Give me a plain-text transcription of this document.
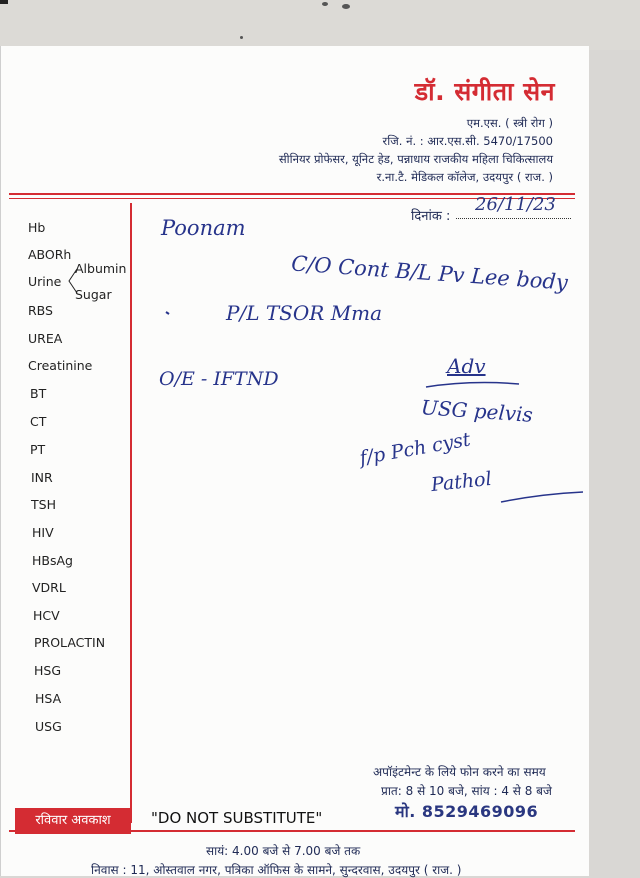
डॉ. संगीता सेन
एम.एस. ( स्त्री रोग )
रजि. नं. : आर.एस.सी. 5470/17500
सीनियर प्रोफेसर, यूनिट हेड, पन्नाधाय राजकीय महिला चिकित्सालय
र.ना.टै. मेडिकल कॉलेज, उदयपुर ( राज. )
दिनांक :
26/11/23
Hb
ABORh
Urine
Albumin
Sugar
RBS
UREA
Creatinine
BT
CT
PT
INR
TSH
HIV
HBsAg
VDRL
HCV
PROLACTIN
HSG
HSA
USG
Poonam
C/O Cont B/L Pv Lee body
P/L TSOR Mma
O/E - IFTND
Adv
USG pelvis
f/p Pch cyst
Pathol
अपॉइंटमेन्ट के लिये फोन करने का समय
प्रात: 8 से 10 बजे, सांय : 4 से 8 बजे
मो. 8529469096
रविवार अवकाश	"DO NOT SUBSTITUTE"
सायं: 4.00 बजे से 7.00 बजे तक
निवास : 11, ओस्तवाल नगर, पत्रिका ऑफिस के सामने, सुन्दरवास, उदयपुर ( राज. )
